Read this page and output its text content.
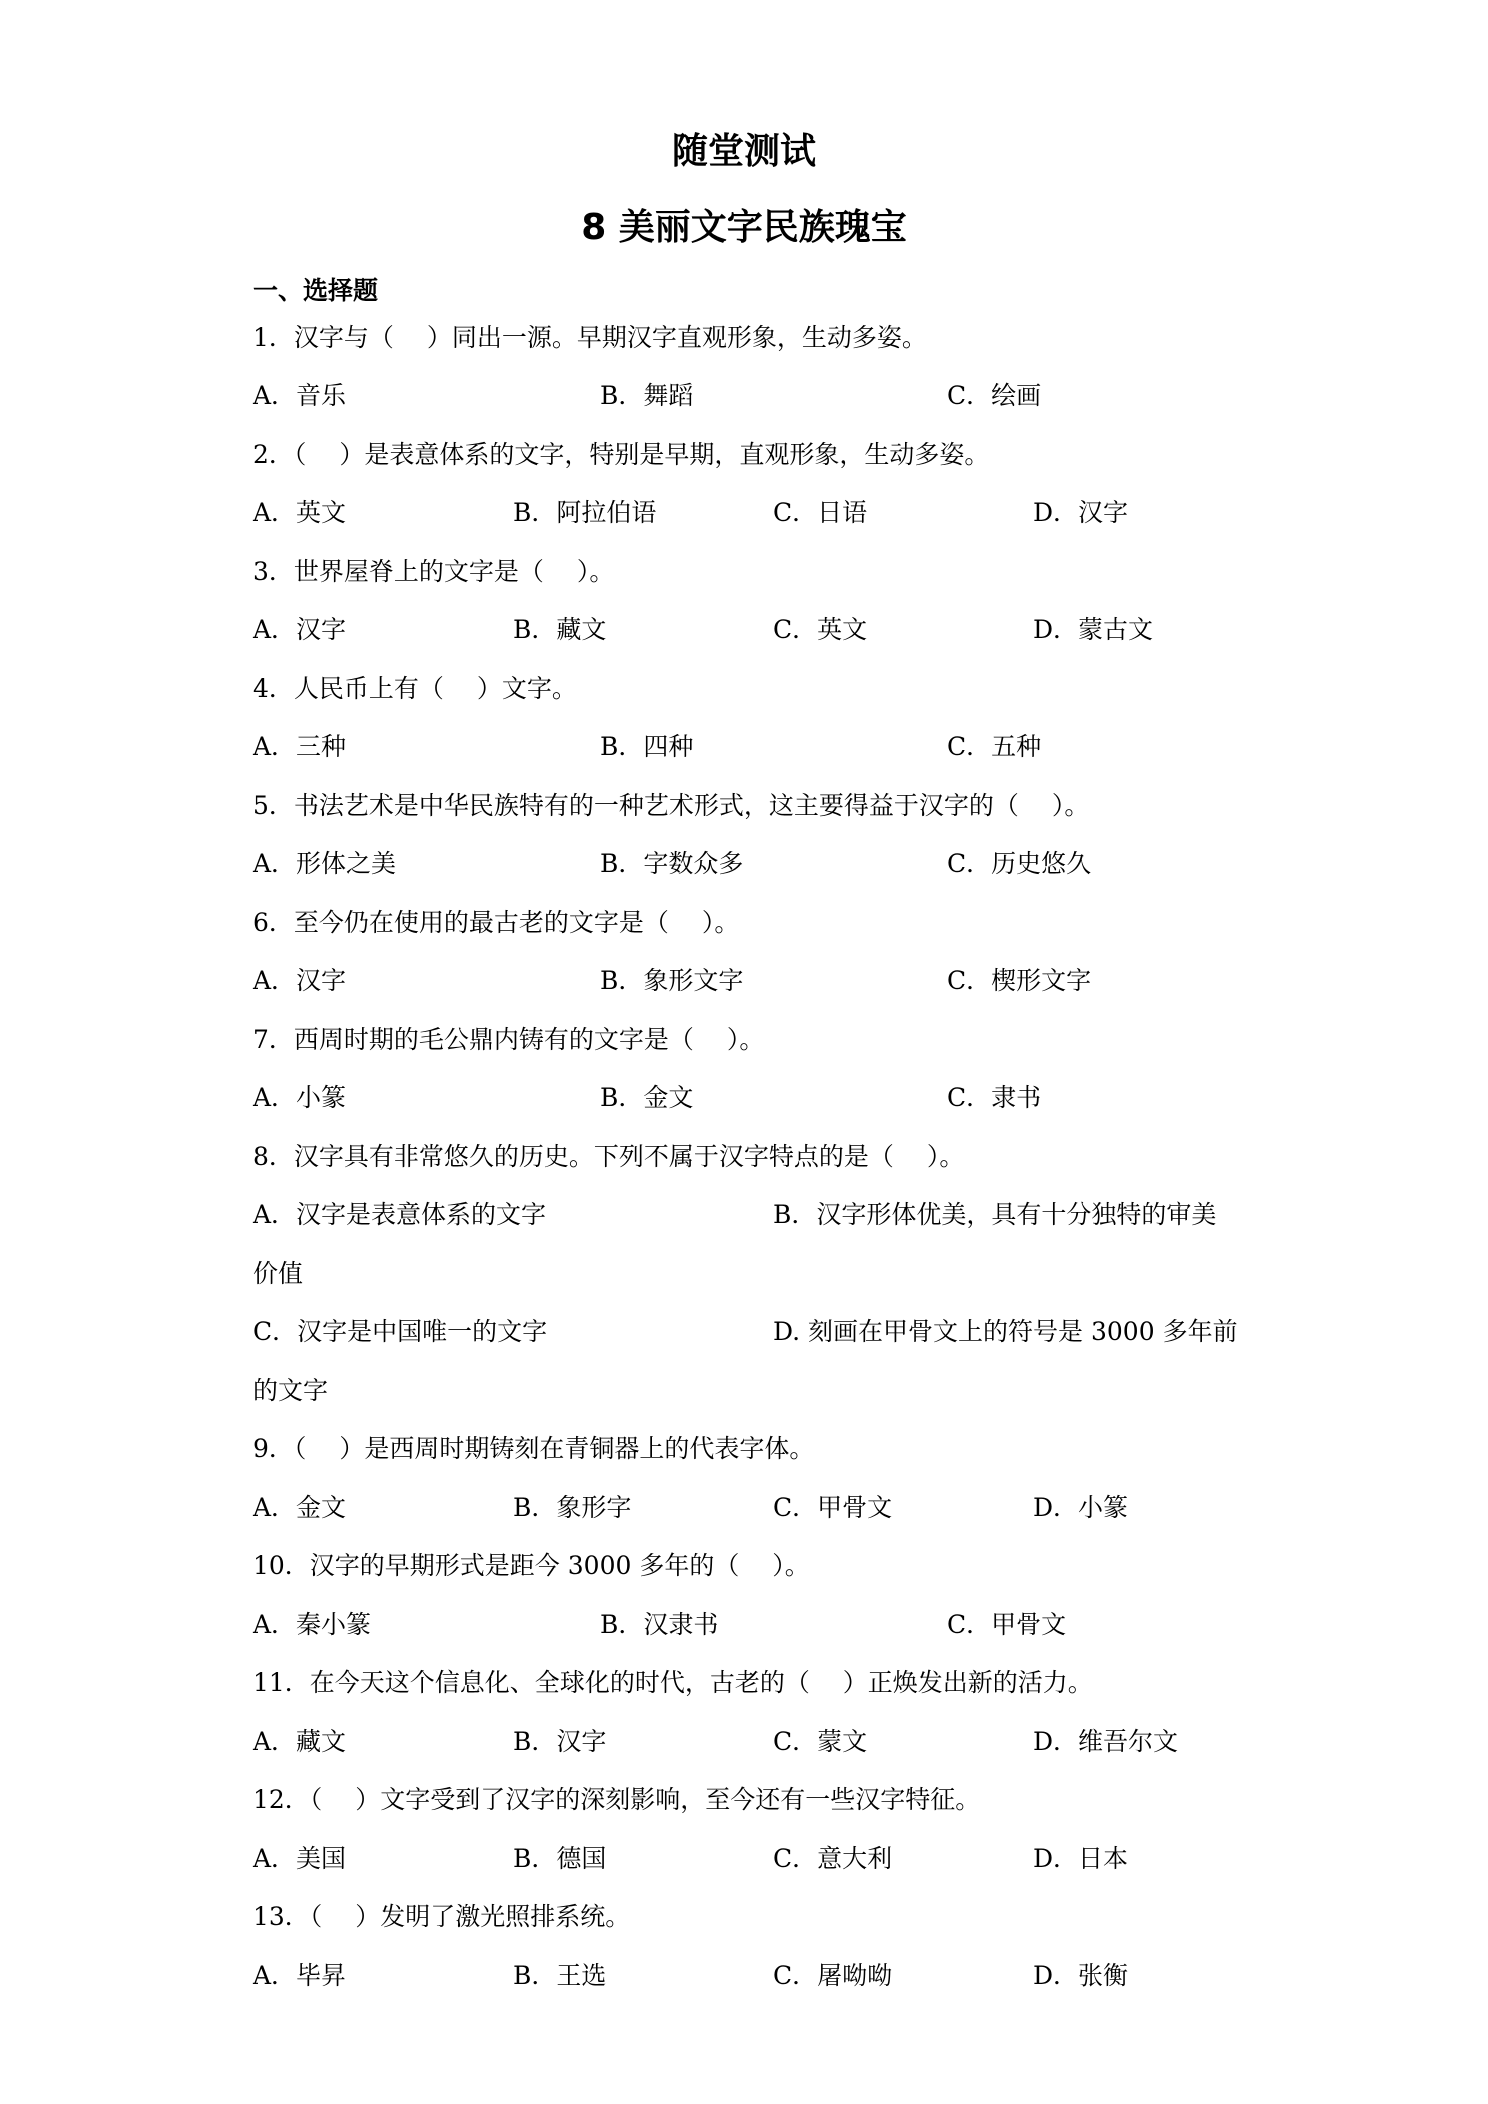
随堂测试
8 美丽文字民族瑰宝
一、选择题
1．汉字与（　 ）同出一源。早期汉字直观形象，生动多姿。
A．音乐	B．舞蹈	C．绘画
2．（　 ）是表意体系的文字，特别是早期，直观形象，生动多姿。
A．英文	B．阿拉伯语	C．日语	D．汉字
3．世界屋脊上的文字是（　 ）。
A．汉字	B．藏文	C．英文	D．蒙古文
4．人民币上有（　 ）文字。
A．三种	B．四种	C．五种
5．书法艺术是中华民族特有的一种艺术形式，这主要得益于汉字的（　 ）。
A．形体之美	B．字数众多	C．历史悠久
6．至今仍在使用的最古老的文字是（　 ）。
A．汉字	B．象形文字	C．楔形文字
7．西周时期的毛公鼎内铸有的文字是（　 ）。
A．小篆	B．金文	C．隶书
8．汉字具有非常悠久的历史。下列不属于汉字特点的是（　 ）。
A．汉字是表意体系的文字	B．汉字形体优美，具有十分独特的审美
价值
C．汉字是中国唯一的文字	D. 刻画在甲骨文上的符号是 3000 多年前
的文字
9．（　 ）是西周时期铸刻在青铜器上的代表字体。
A．金文	B．象形字	C．甲骨文	D．小篆
10．汉字的早期形式是距今 3000 多年的（　 ）。
A．秦小篆	B．汉隶书	C．甲骨文
11．在今天这个信息化、全球化的时代，古老的（　 ）正焕发出新的活力。
A．藏文	B．汉字	C．蒙文	D．维吾尔文
12．（　 ）文字受到了汉字的深刻影响，至今还有一些汉字特征。
A．美国	B．德国	C．意大利	D．日本
13．（　 ）发明了激光照排系统。
A．毕昇	B．王选	C．屠呦呦	D．张衡
